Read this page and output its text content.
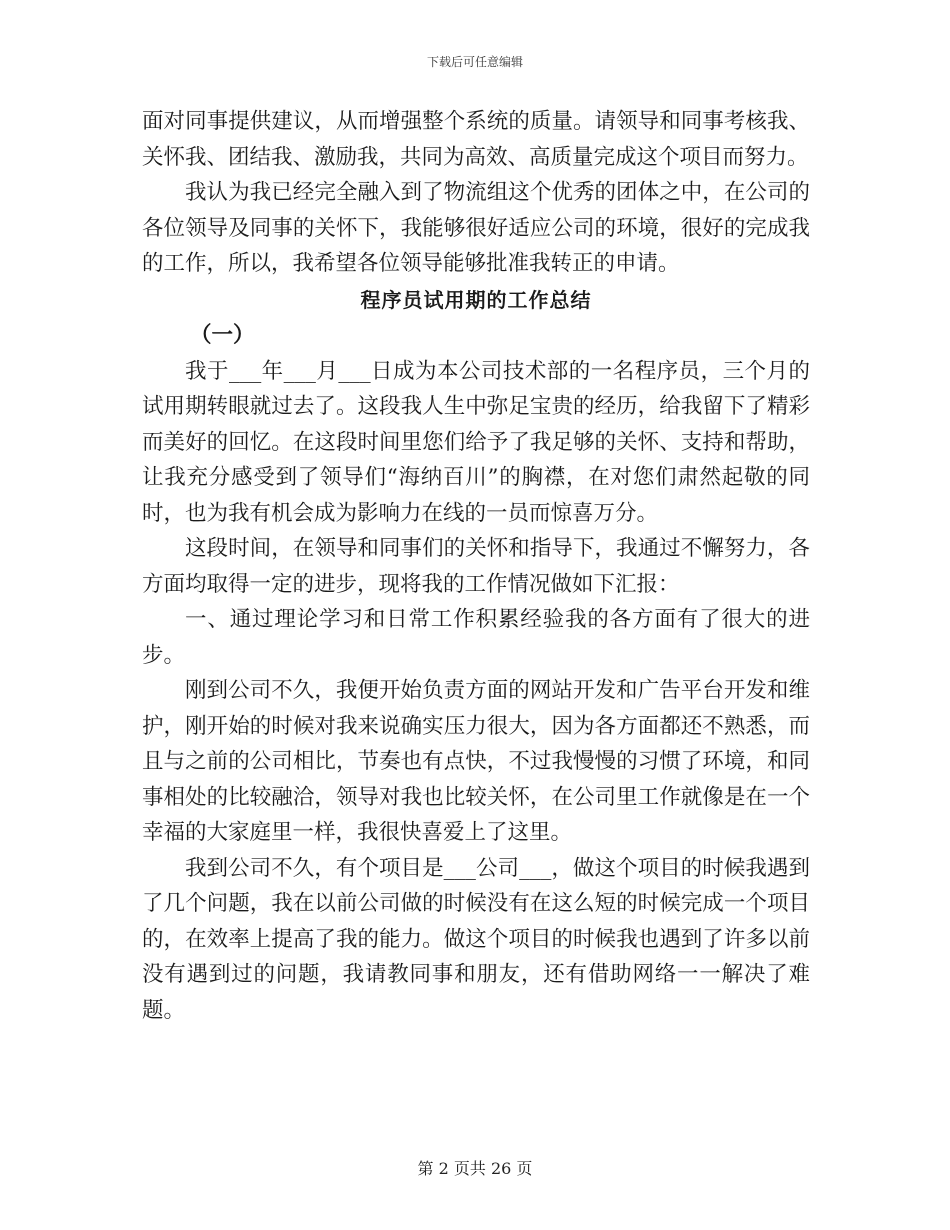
下载后可任意编辑

面对同事提供建议，从而增强整个系统的质量。请领导和同事考核我、关怀我、团结我、激励我，共同为高效、高质量完成这个项目而努力。

我认为我已经完全融入到了物流组这个优秀的团体之中，在公司的各位领导及同事的关怀下，我能够很好适应公司的环境，很好的完成我的工作，所以，我希望各位领导能够批准我转正的申请。

程序员试用期的工作总结

（一）

我于___年___月___日成为本公司技术部的一名程序员，三个月的试用期转眼就过去了。这段我人生中弥足宝贵的经历，给我留下了精彩而美好的回忆。在这段时间里您们给予了我足够的关怀、支持和帮助，让我充分感受到了领导们“海纳百川”的胸襟，在对您们肃然起敬的同时，也为我有机会成为影响力在线的一员而惊喜万分。

这段时间，在领导和同事们的关怀和指导下，我通过不懈努力，各方面均取得一定的进步，现将我的工作情况做如下汇报：

一、通过理论学习和日常工作积累经验我的各方面有了很大的进步。

刚到公司不久，我便开始负责方面的网站开发和广告平台开发和维护，刚开始的时候对我来说确实压力很大，因为各方面都还不熟悉，而且与之前的公司相比，节奏也有点快，不过我慢慢的习惯了环境，和同事相处的比较融洽，领导对我也比较关怀，在公司里工作就像是在一个幸福的大家庭里一样，我很快喜爱上了这里。

我到公司不久，有个项目是___公司___，做这个项目的时候我遇到了几个问题，我在以前公司做的时候没有在这么短的时候完成一个项目的，在效率上提高了我的能力。做这个项目的时候我也遇到了许多以前没有遇到过的问题，我请教同事和朋友，还有借助网络一一解决了难题。

第 2 页共 26 页
